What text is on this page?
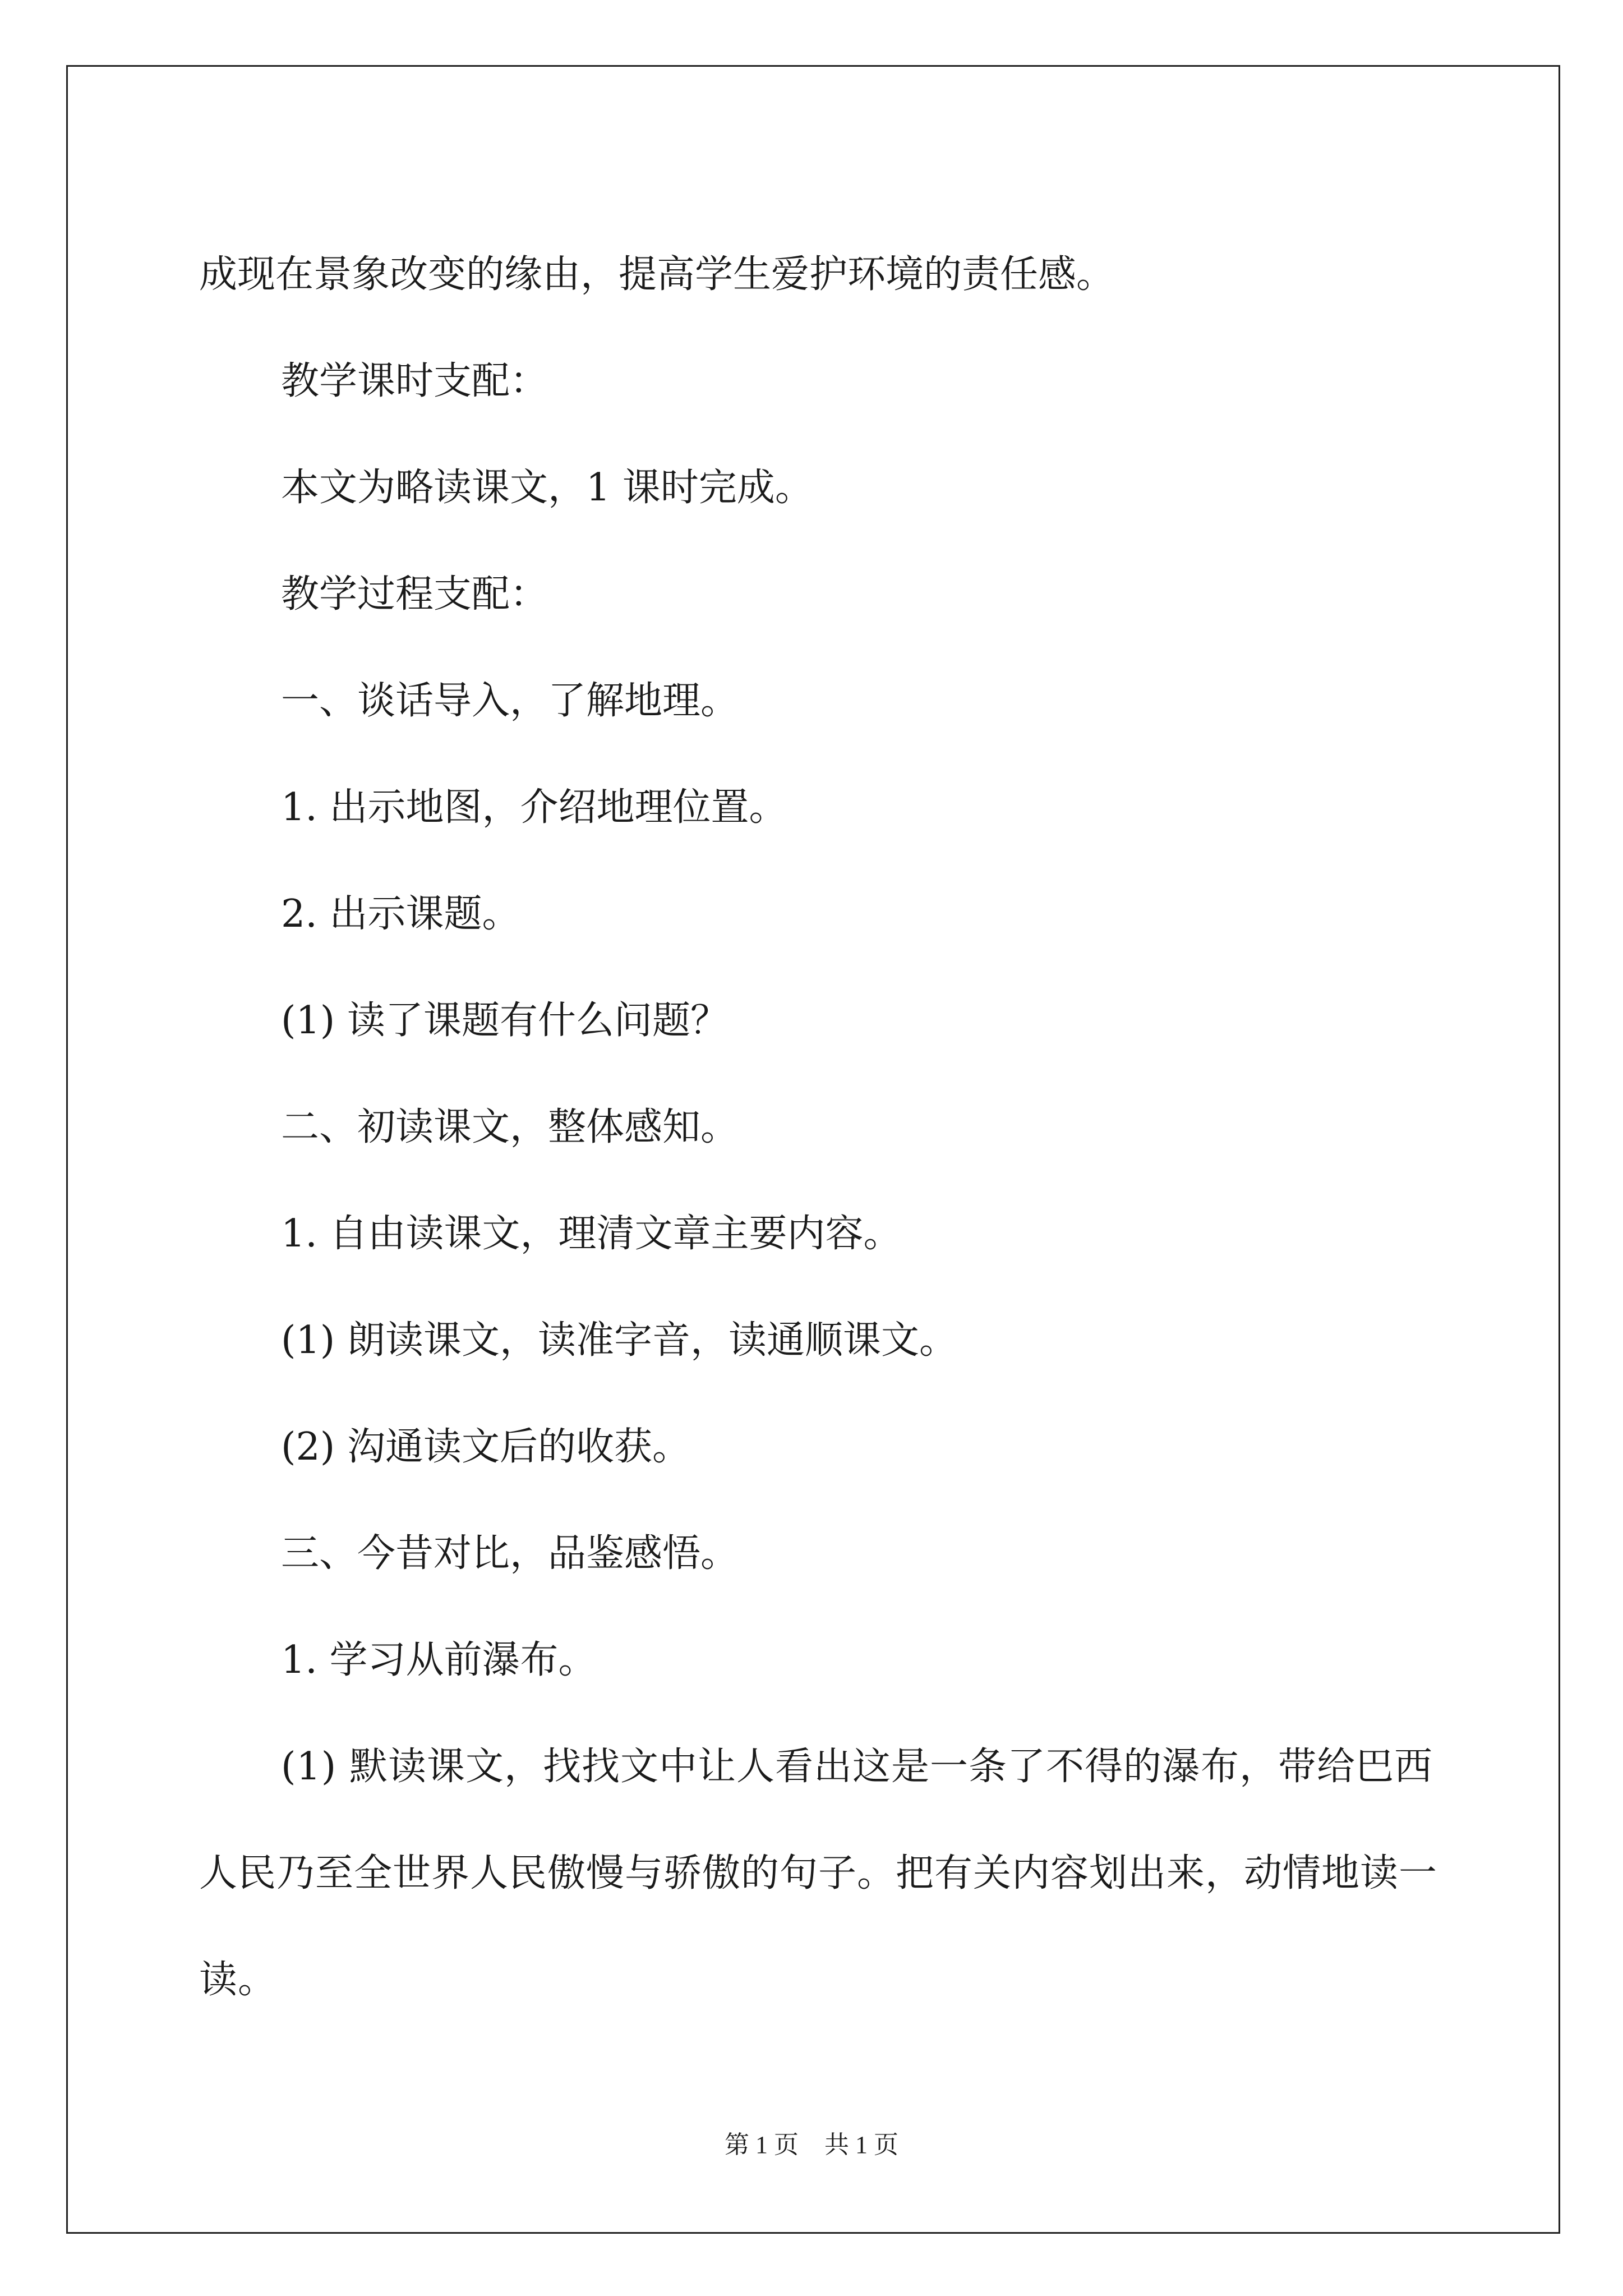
成现在景象改变的缘由，提高学生爱护环境的责任感。

教学课时支配：

本文为略读课文，1 课时完成。

教学过程支配：

一、谈话导入，了解地理。

1. 出示地图，介绍地理位置。

2. 出示课题。

(1) 读了课题有什么问题？

二、初读课文，整体感知。

1. 自由读课文，理清文章主要内容。

(1) 朗读课文，读准字音，读通顺课文。

(2) 沟通读文后的收获。

三、今昔对比，品鉴感悟。

1. 学习从前瀑布。

(1) 默读课文，找找文中让人看出这是一条了不得的瀑布，带给巴西人民乃至全世界人民傲慢与骄傲的句子。把有关内容划出来，动情地读一读。

第 1 页 共 1 页
